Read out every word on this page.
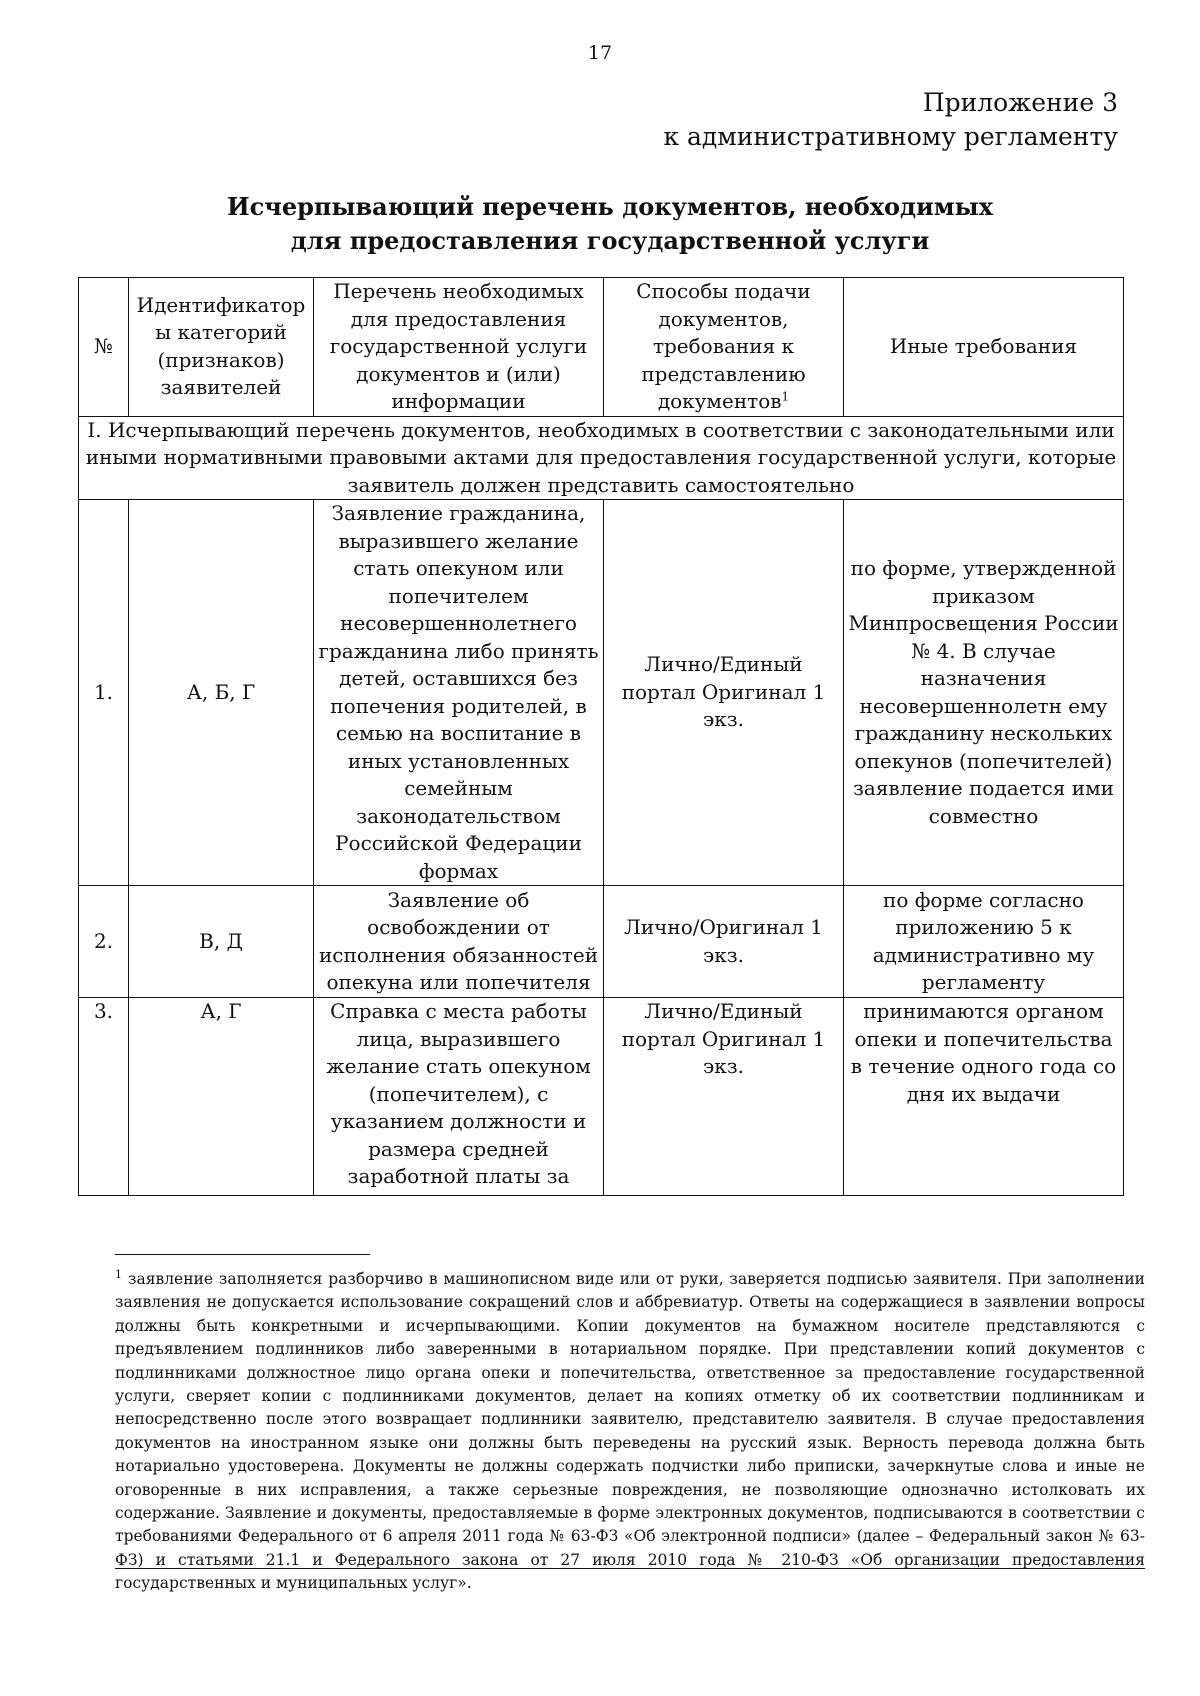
17
Приложение 3
к административному регламенту
Исчерпывающий перечень документов, необходимых
для предоставления государственной услуги
№	Идентификатор ы категорий (признаков) заявителей	Перечень необходимых для предоставления государственной услуги документов и (или) информации	Способы подачи документов, требования к представлению документов$^1$	Иные требования
I. Исчерпывающий перечень документов, необходимых в соответствии с законодательными или иными нормативными правовыми актами для предоставления государственной услуги, которые заявитель должен представить самостоятельно				
1.	А, Б, Г	Заявление гражданина, выразившего желание стать опекуном или попечителем несовершеннолетнего гражданина либо принять детей, оставшихся без попечения родителей, в семью на воспитание в иных установленных семейным законодательством Российской Федерации формах	Лично/Единый портал Оригинал 1 экз.	по форме, утвержденной приказом Минпросвещения России № 4. В случае назначения несовершеннолетн ему гражданину нескольких опекунов (попечителей) заявление подается ими совместно
2.	В, Д	Заявление об освобождении от исполнения обязанностей опекуна или попечителя	Лично/Оригинал 1 экз.	по форме согласно приложению 5 к административно му регламенту
3.	А, Г	Справка с места работы лица, выразившего желание стать опекуном (попечителем), с указанием должности и размера средней заработной платы за	Лично/Единый портал Оригинал 1 экз.	принимаются органом опеки и попечительства в течение одного года со дня их выдачи
$^1$ заявление заполняется разборчиво в машинописном виде или от руки, заверяется подписью заявителя. При заполнении заявления не допускается использование сокращений слов и аббревиатур. Ответы на содержащиеся в заявлении вопросы должны быть конкретными и исчерпывающими. Копии документов на бумажном носителе представляются с предъявлением подлинников либо заверенными в нотариальном порядке. При представлении копий документов с подлинниками должностное лицо органа опеки и попечительства, ответственное за предоставление государственной услуги, сверяет копии с подлинниками документов, делает на копиях отметку об их соответствии подлинникам и непосредственно после этого возвращает подлинники заявителю, представителю заявителя. В случае предоставления документов на иностранном языке они должны быть переведены на русский язык. Верность перевода должна быть нотариально удостоверена. Документы не должны содержать подчистки либо приписки, зачеркнутые слова и иные не оговоренные в них исправления, а также серьезные повреждения, не позволяющие однозначно истолковать их содержание. Заявление и документы, предоставляемые в форме электронных документов, подписываются в соответствии с требованиями Федерального от 6 апреля 2011 года № 63-ФЗ «Об электронной подписи» (далее – Федеральный закон № 63-ФЗ) и статьями 21.1 и Федерального закона от 27 июля 2010 года № 210-ФЗ «Об организации предоставления государственных и муниципальных услуг».
